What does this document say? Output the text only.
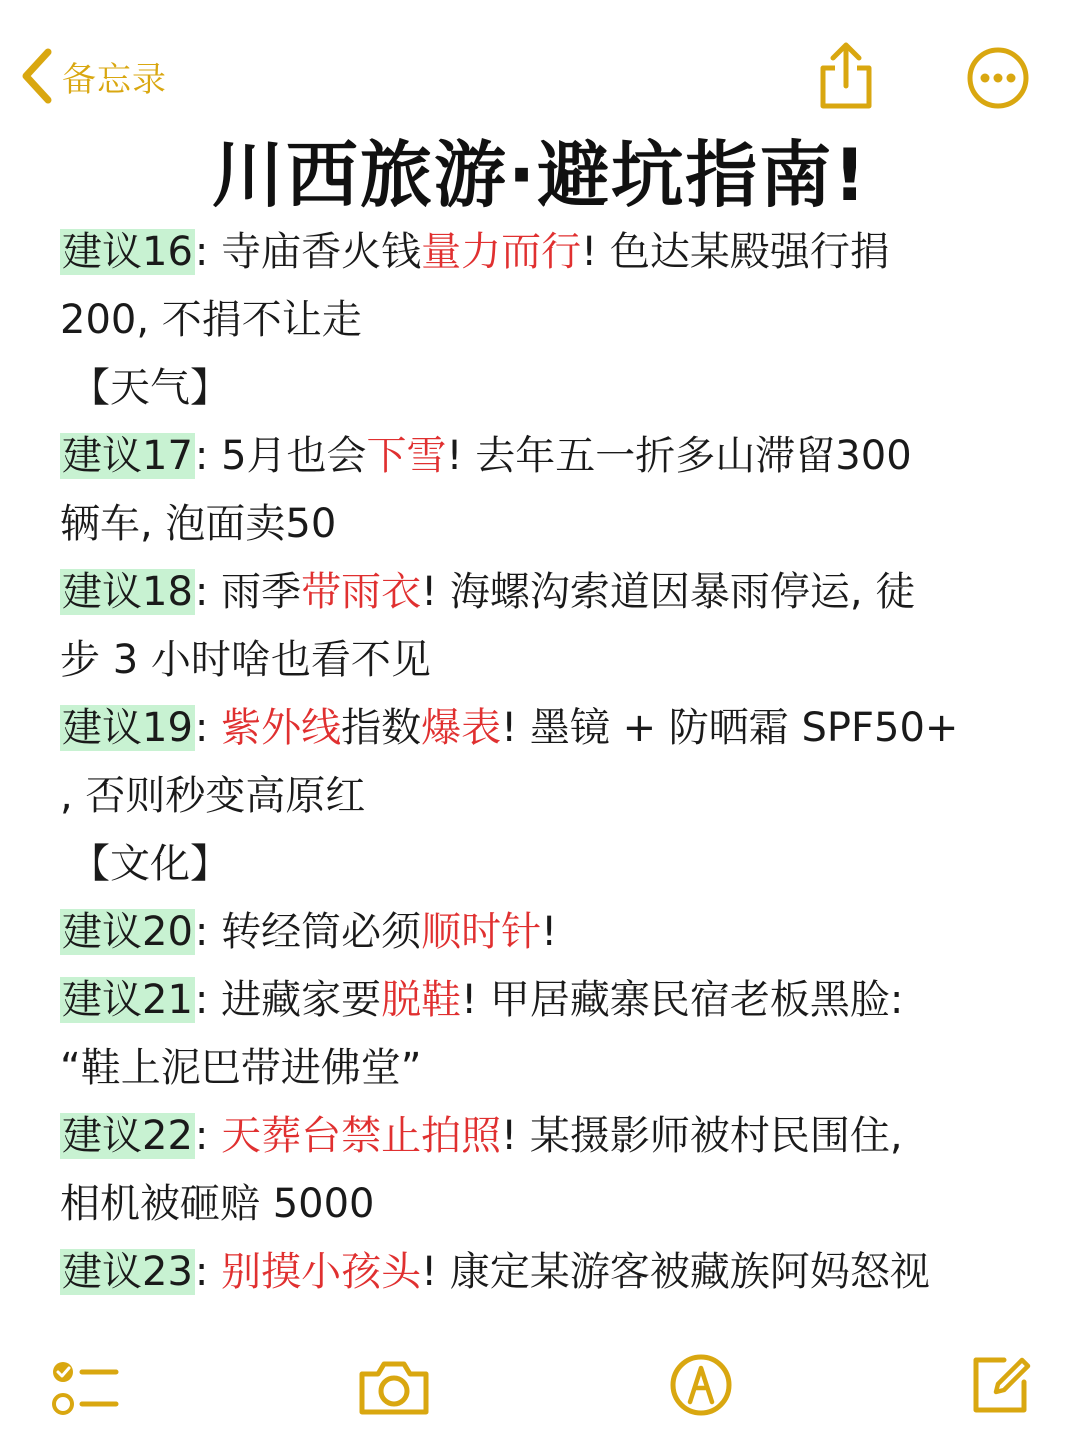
备忘录
川西旅游·避坑指南!
建议16: 寺庙香火钱量力而行! 色达某殿强行捐
200, 不捐不让走
【天气】
建议17: 5月也会下雪! 去年五一折多山滞留300
辆车, 泡面卖50
建议18: 雨季带雨衣! 海螺沟索道因暴雨停运, 徒
步 3 小时啥也看不见
建议19: 紫外线指数爆表! 墨镜 + 防晒霜 SPF50+
, 否则秒变高原红
【文化】
建议20: 转经筒必须顺时针!
建议21: 进藏家要脱鞋! 甲居藏寨民宿老板黑脸:
“鞋上泥巴带进佛堂”
建议22: 天葬台禁止拍照! 某摄影师被村民围住,
相机被砸赔 5000
建议23: 别摸小孩头! 康定某游客被藏族阿妈怒视
